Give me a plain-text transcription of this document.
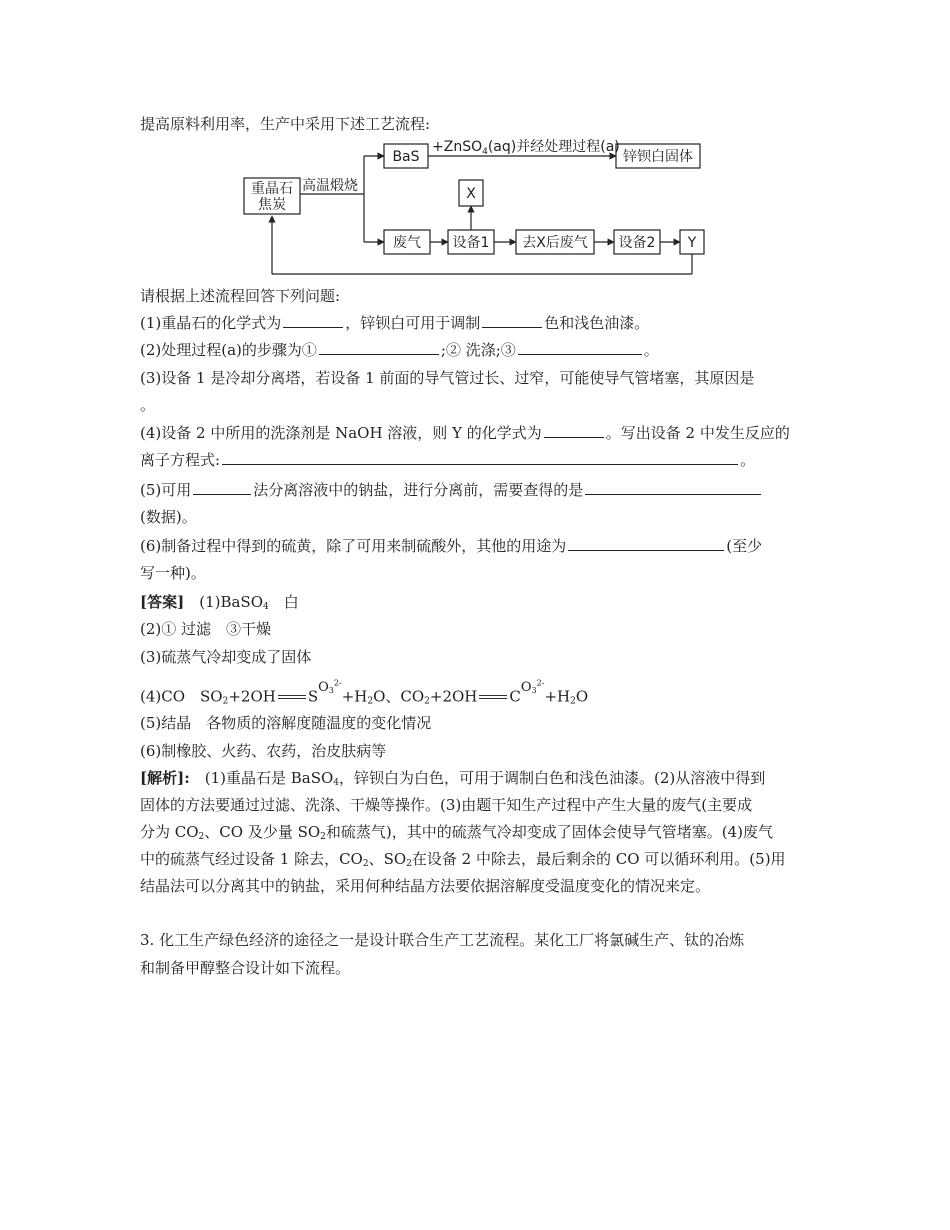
提高原料利用率，生产中采用下述工艺流程:
重晶石
焦炭
高温煅烧
BaS
+ZnSO$_4$(aq)并经处理过程(a)
锌钡白固体
废气 设备1
X
去X后废气 设备2 Y
请根据上述流程回答下列问题:
(1)重晶石的化学式为	，锌钡白可用于调制	色和浅色油漆。
(2)处理过程(a)的步骤为①	;② 洗涤;③	。
(3)设备 1 是冷却分离塔，若设备 1 前面的导气管过长、过窄，可能使导气管堵塞，其原因是
。
(4)设备 2 中所用的洗涤剂是 NaOH 溶液，则 Y 的化学式为	。写出设备 2 中发生反应的
离子方程式:	。
(5)可用	法分离溶液中的钠盐，进行分离前，需要查得的是
(数据)。
(6)制备过程中得到的硫黄，除了可用来制硫酸外，其他的用途为	(至少
写一种)。
[答案]　 (1)BaSO$_4$　 白
(2)① 过滤　③干燥
(3)硫蒸气冷却变成了固体
(4)CO　$SO_2+2OH$ $SO_3^{2-}+H_2O$、$CO_2+2OH$ $CO_3^{2-}+H_2O$
(5)结晶　各物质的溶解度随温度的变化情况
(6)制橡胶、火药、农药，治皮肤病等
[解析]:　(1)重晶石是 BaSO$_4$，锌钡白为白色，可用于调制白色和浅色油漆。(2)从溶液中得到
固体的方法要通过过滤、洗涤、干燥等操作。(3)由题干知生产过程中产生大量的废气(主要成
分为 $CO_2$、CO 及少量 $SO_2$和硫蒸气)，其中的硫蒸气冷却变成了固体会使导气管堵塞。(4)废气
中的硫蒸气经过设备 1 除去，$CO_2$、$SO_2$在设备 2 中除去，最后剩余的 CO 可以循环利用。(5)用
结晶法可以分离其中的钠盐，采用何种结晶方法要依据溶解度受温度变化的情况来定。
3. 化工生产绿色经济的途径之一是设计联合生产工艺流程。某化工厂将氯碱生产、钛的冶炼
和制备甲醇整合设计如下流程。
